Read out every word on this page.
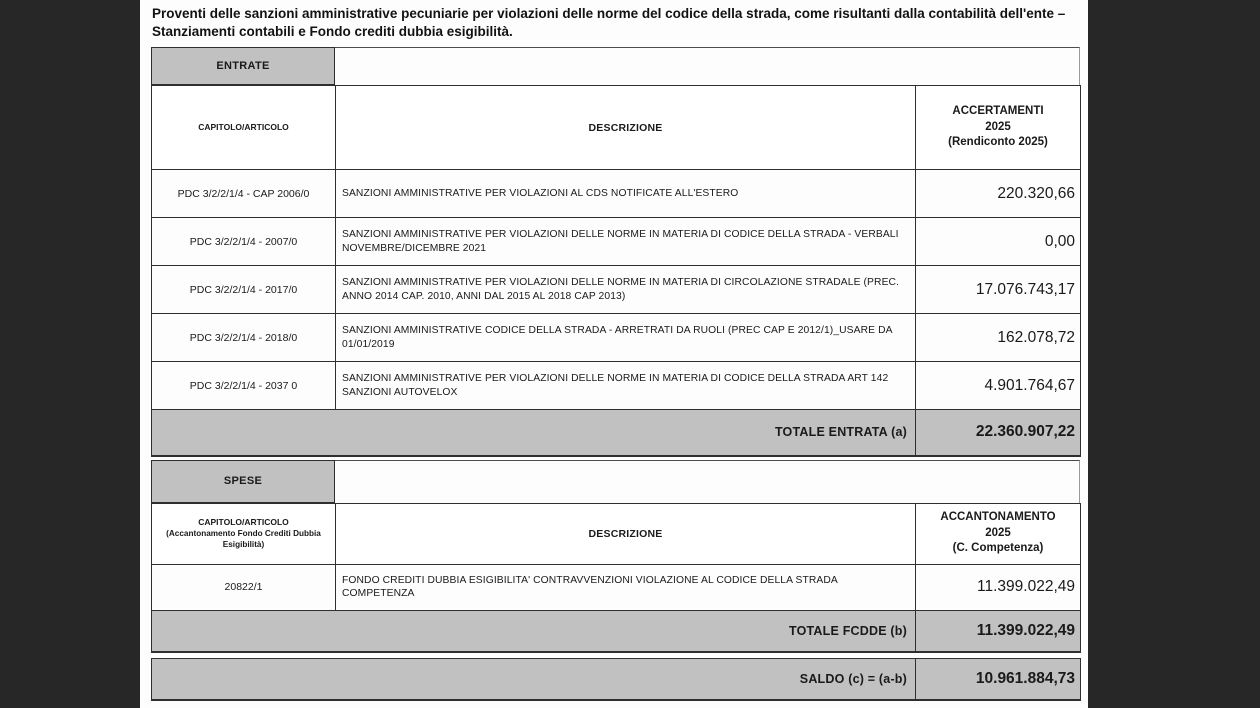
Proventi delle sanzioni amministrative pecuniarie per violazioni delle norme del codice della strada, come risultanti dalla contabilità dell'ente – Stanziamenti contabili e Fondo crediti dubbia esigibilità.
ENTRATE
CAPITOLO/ARTICOLO	DESCRIZIONE	ACCERTAMENTI
2025
(Rendiconto 2025)

PDC 3/2/2/1/4 - CAP 2006/0	SANZIONI AMMINISTRATIVE PER VIOLAZIONI AL CDS NOTIFICATE ALL'ESTERO	220.320,66
PDC 3/2/2/1/4 - 2007/0	SANZIONI AMMINISTRATIVE PER VIOLAZIONI DELLE NORME IN MATERIA DI CODICE DELLA STRADA - VERBALI NOVEMBRE/DICEMBRE 2021	0,00
PDC 3/2/2/1/4 - 2017/0	SANZIONI AMMINISTRATIVE PER VIOLAZIONI DELLE NORME IN MATERIA DI CIRCOLAZIONE STRADALE (PREC. ANNO 2014 CAP. 2010, ANNI DAL 2015 AL 2018 CAP 2013)	17.076.743,17
PDC 3/2/2/1/4 - 2018/0	SANZIONI AMMINISTRATIVE CODICE DELLA STRADA - ARRETRATI DA RUOLI (PREC CAP E 2012/1)_USARE DA 01/01/2019	162.078,72
PDC 3/2/2/1/4 - 2037 0	SANZIONI AMMINISTRATIVE PER VIOLAZIONI DELLE NORME IN MATERIA DI CODICE DELLA STRADA ART 142 SANZIONI AUTOVELOX	4.901.764,67
TOTALE ENTRATA (a)		22.360.907,22
SPESE
CAPITOLO/ARTICOLO
(Accantonamento Fondo Crediti Dubbia Esigibilità)	DESCRIZIONE	ACCANTONAMENTO
2025
(C. Competenza)

20822/1	FONDO CREDITI DUBBIA ESIGIBILITA' CONTRAVVENZIONI VIOLAZIONE AL CODICE DELLA STRADA COMPETENZA	11.399.022,49
TOTALE FCDDE (b)		11.399.022,49
SALDO (c) = (a-b)	10.961.884,73
